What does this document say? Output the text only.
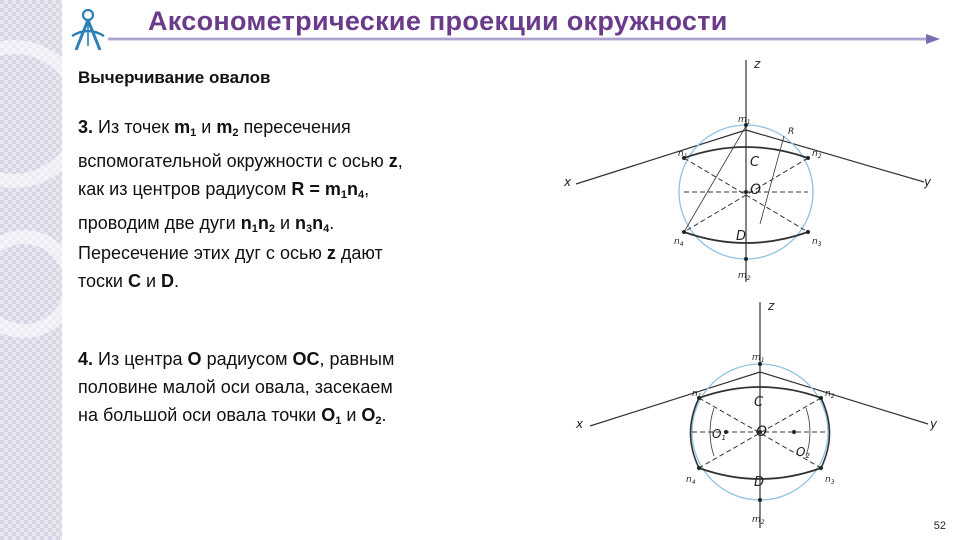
Аксонометрические проекции окружности
Вычерчивание овалов
3. Из точек $m_1$ и $m_2$ пересечения
вспомогательной окружности с осью z,
как из центров радиусом $R = m_1n_4$,
проводим две дуги $n_1n_2$ и $n_3n_4$.
Пересечение этих дуг с осью z дают
тоски C и D.
4. Из центра O радиусом OC, равным
половине малой оси овала, засекаем
на большой оси овала точки $O_1$ и $O_2$.
z
x	y
O
C
D
R
$m_1$
$m_2$
$n_1$	$n_2$
$n_3$
$n_4$
z
x	y
O
C
D
O1
O2
$m_1$
$m_2$
$n_1$	$n_2$
$n_3$
$n_4$
52
